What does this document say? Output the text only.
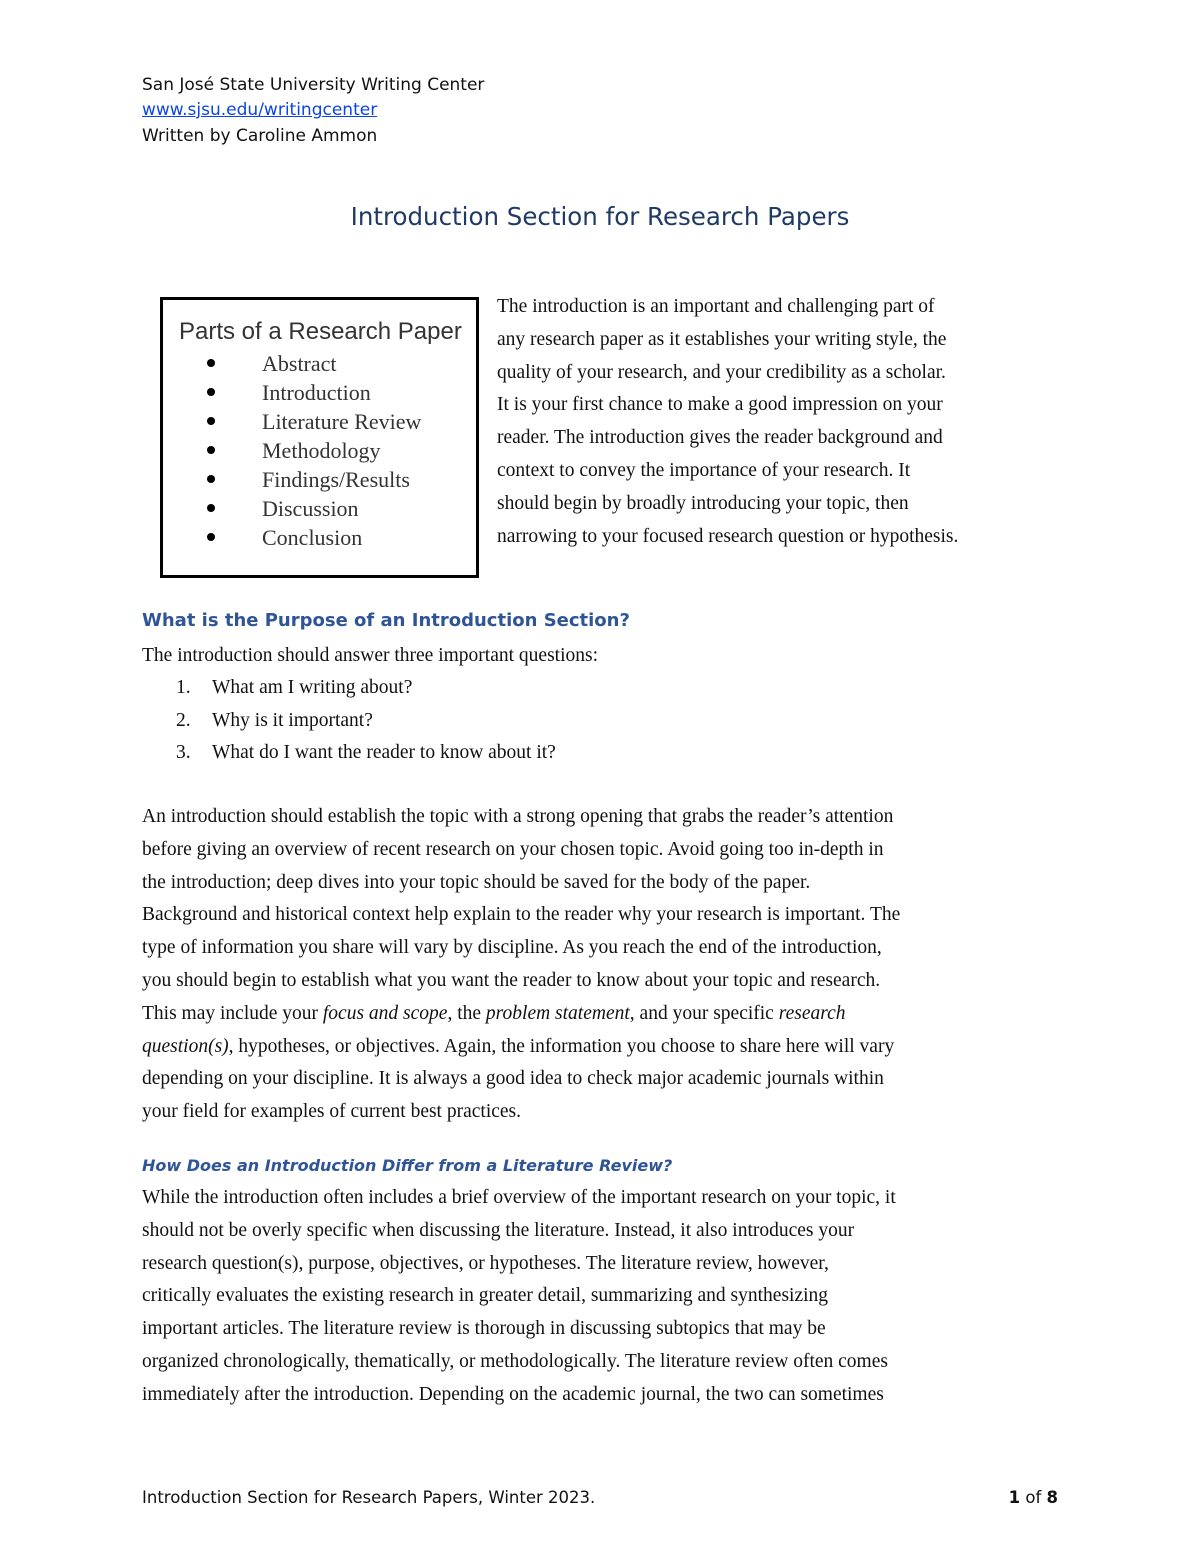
San José State University Writing Center
www.sjsu.edu/writingcenter
Written by Caroline Ammon
Introduction Section for Research Papers
Parts of a Research Paper
Abstract
Introduction
Literature Review
Methodology
Findings/Results
Discussion
Conclusion
The introduction is an important and challenging part of
any research paper as it establishes your writing style, the
quality of your research, and your credibility as a scholar.
It is your first chance to make a good impression on your
reader. The introduction gives the reader background and
context to convey the importance of your research. It
should begin by broadly introducing your topic, then
narrowing to your focused research question or hypothesis.
What is the Purpose of an Introduction Section?
The introduction should answer three important questions:
1. What am I writing about?
2. Why is it important?
3. What do I want the reader to know about it?
An introduction should establish the topic with a strong opening that grabs the reader’s attention
before giving an overview of recent research on your chosen topic. Avoid going too in-depth in
the introduction; deep dives into your topic should be saved for the body of the paper.
Background and historical context help explain to the reader why your research is important. The
type of information you share will vary by discipline. As you reach the end of the introduction,
you should begin to establish what you want the reader to know about your topic and research.
This may include your focus and scope, the problem statement, and your specific research
question(s), hypotheses, or objectives. Again, the information you choose to share here will vary
depending on your discipline. It is always a good idea to check major academic journals within
your field for examples of current best practices.
How Does an Introduction Differ from a Literature Review?
While the introduction often includes a brief overview of the important research on your topic, it
should not be overly specific when discussing the literature. Instead, it also introduces your
research question(s), purpose, objectives, or hypotheses. The literature review, however,
critically evaluates the existing research in greater detail, summarizing and synthesizing
important articles. The literature review is thorough in discussing subtopics that may be
organized chronologically, thematically, or methodologically. The literature review often comes
immediately after the introduction. Depending on the academic journal, the two can sometimes
Introduction Section for Research Papers, Winter 2023.	1 of 8
